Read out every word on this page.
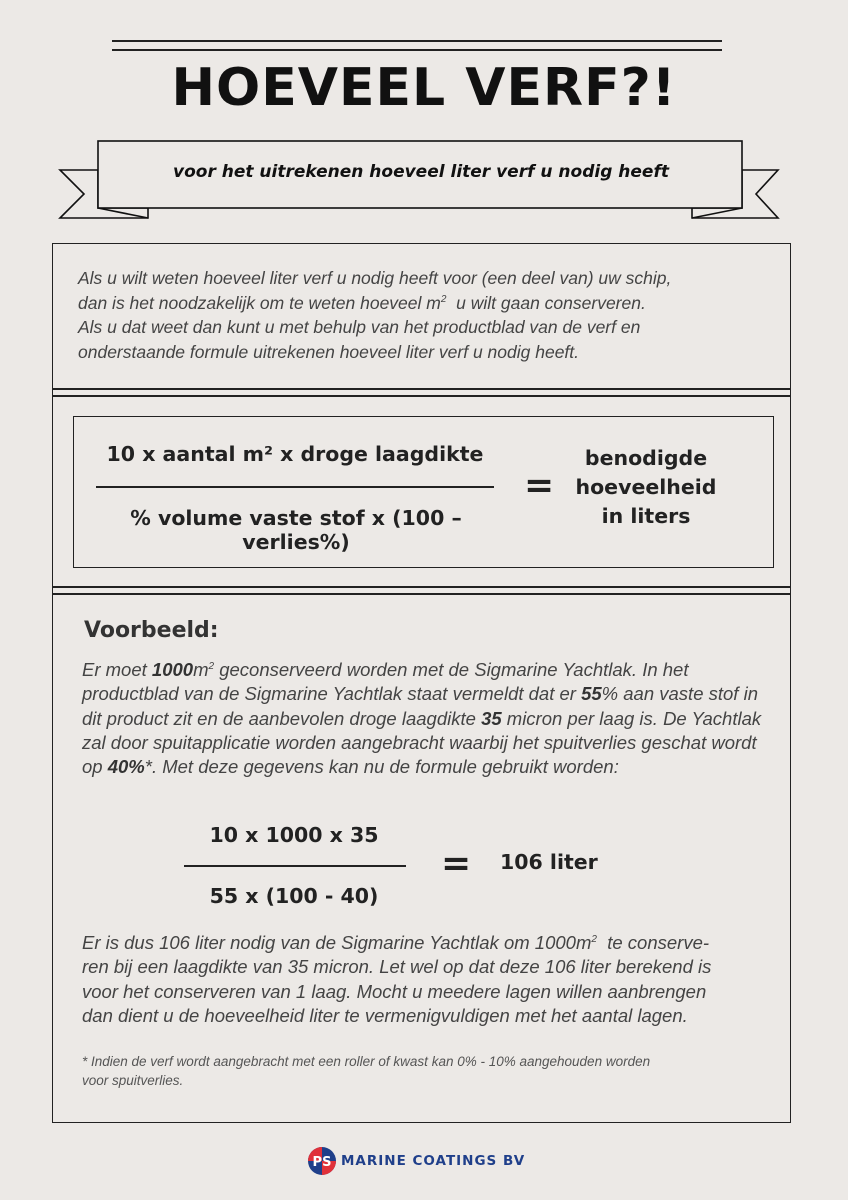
HOEVEEL VERF?!
voor het uitrekenen hoeveel liter verf u nodig heeft

Als u wilt weten hoeveel liter verf u nodig heeft voor (een deel van) uw schip,

dan is het noodzakelijk om te weten hoeveel $m^2$  u wilt gaan conserveren.

Als u dat weet dan kunt u met behulp van het productblad van de verf en

onderstaande formule uitrekenen hoeveel liter verf u nodig heeft.

10 x aantal m² x droge laagdikte
% volume vaste stof x (100 – verlies%)
=
benodigde
hoeveelheid
in liters
Voorbeeld:
Er moet $1000m^2$ geconserveerd worden met de Sigmarine Yachtlak. In het productblad van de Sigmarine Yachtlak staat vermeldt dat er 55% aan vaste stof in dit product zit en de aanbevolen droge laagdikte 35 micron per laag is. De Yachtlak zal door spuitapplicatie worden aangebracht waarbij het spuitverlies geschat wordt op 40%*. Met deze gegevens kan nu de formule gebruikt worden:
10 x 1000 x 35
55 x (100 - 40)
= 106 liter

Er is dus 106 liter nodig van de Sigmarine Yachtlak om $1000m^2$  te conserve-

ren bij een laagdikte van 35 micron. Let wel op dat deze 106 liter berekend is

voor het conserveren van 1 laag. Mocht u meedere lagen willen aanbrengen

dan dient u de hoeveelheid liter te vermenigvuldigen met het aantal lagen.

* Indien de verf wordt aangebracht met een roller of kwast kan 0% - 10% aangehouden worden

voor spuitverlies.

PS MARINE COATINGS BV
